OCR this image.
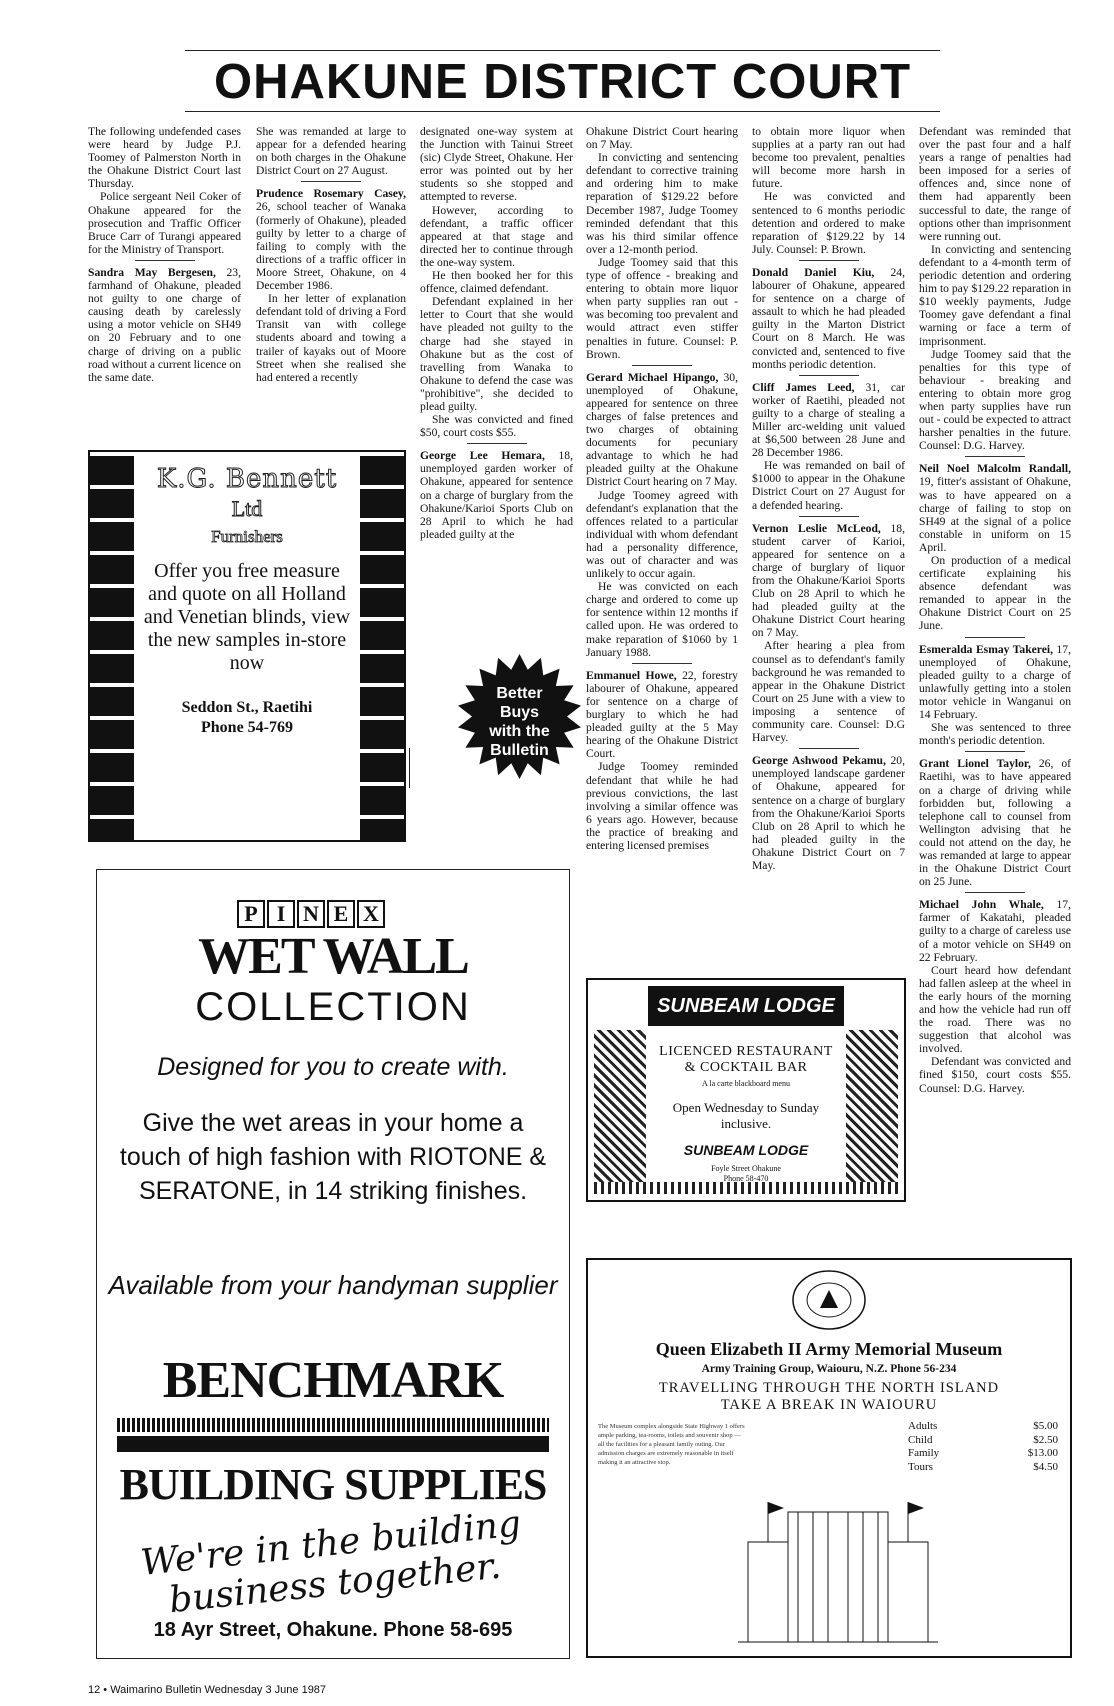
OHAKUNE DISTRICT COURT

The following undefended cases were heard by Judge P.J. Toomey of Palmerston North in the Ohakune District Court last Thursday.

Police sergeant Neil Coker of Ohakune appeared for the prosecution and Traffic Officer Bruce Carr of Turangi appeared for the Ministry of Transport.

Sandra May Bergesen, 23, farmhand of Ohakune, pleaded not guilty to one charge of causing death by carelessly using a motor vehicle on SH49 on 20 February and to one charge of driving on a public road without a current licence on the same date.

She was remanded at large to appear for a defended hearing on both charges in the Ohakune District Court on 27 August.

Prudence Rosemary Casey, 26, school teacher of Wanaka (formerly of Ohakune), pleaded guilty by letter to a charge of failing to comply with the directions of a traffic officer in Moore Street, Ohakune, on 4 December 1986.

In her letter of explanation defendant told of driving a Ford Transit van with college students aboard and towing a trailer of kayaks out of Moore Street when she realised she had entered a recently

designated one-way system at the Junction with Tainui Street (sic) Clyde Street, Ohakune. Her error was pointed out by her students so she stopped and attempted to reverse.

However, according to defendant, a traffic officer appeared at that stage and directed her to continue through the one-way system.

He then booked her for this offence, claimed defendant.

Defendant explained in her letter to Court that she would have pleaded not guilty to the charge had she stayed in Ohakune but as the cost of travelling from Wanaka to Ohakune to defend the case was "prohibitive", she decided to plead guilty.

She was convicted and fined $50, court costs $55.

George Lee Hemara, 18, unemployed garden worker of Ohakune, appeared for sentence on a charge of burglary from the Ohakune/Karioi Sports Club on 28 April to which he had pleaded guilty at the

Ohakune District Court hearing on 7 May.

In convicting and sentencing defendant to corrective training and ordering him to make reparation of $129.22 before December 1987, Judge Toomey reminded defendant that this was his third similar offence over a 12-month period.

Judge Toomey said that this type of offence - breaking and entering to obtain more liquor when party supplies ran out - was becoming too prevalent and would attract even stiffer penalties in future. Counsel: P. Brown.

Gerard Michael Hipango, 30, unemployed of Ohakune, appeared for sentence on three charges of false pretences and two charges of obtaining documents for pecuniary advantage to which he had pleaded guilty at the Ohakune District Court hearing on 7 May.

Judge Toomey agreed with defendant's explanation that the offences related to a particular individual with whom defendant had a personality difference, was out of character and was unlikely to occur again.

He was convicted on each charge and ordered to come up for sentence within 12 months if called upon. He was ordered to make reparation of $1060 by 1 January 1988.

Emmanuel Howe, 22, forestry labourer of Ohakune, appeared for sentence on a charge of burglary to which he had pleaded guilty at the 5 May hearing of the Ohakune District Court.

Judge Toomey reminded defendant that while he had previous convictions, the last involving a similar offence was 6 years ago. However, because the practice of breaking and entering licensed premises

to obtain more liquor when supplies at a party ran out had become too prevalent, penalties will become more harsh in future.

He was convicted and sentenced to 6 months periodic detention and ordered to make reparation of $129.22 by 14 July. Counsel: P. Brown.

Donald Daniel Kiu, 24, labourer of Ohakune, appeared for sentence on a charge of assault to which he had pleaded guilty in the Marton District Court on 8 March. He was convicted and, sentenced to five months periodic detention.

Cliff James Leed, 31, car worker of Raetihi, pleaded not guilty to a charge of stealing a Miller arc-welding unit valued at $6,500 between 28 June and 28 December 1986.

He was remanded on bail of $1000 to appear in the Ohakune District Court on 27 August for a defended hearing.

Vernon Leslie McLeod, 18, student carver of Karioi, appeared for sentence on a charge of burglary of liquor from the Ohakune/Karioi Sports Club on 28 April to which he had pleaded guilty at the Ohakune District Court hearing on 7 May.

After hearing a plea from counsel as to defendant's family background he was remanded to appear in the Ohakune District Court on 25 June with a view to imposing a sentence of community care. Counsel: D.G Harvey.

George Ashwood Pekamu, 20, unemployed landscape gardener of Ohakune, appeared for sentence on a charge of burglary from the Ohakune/Karioi Sports Club on 28 April to which he had pleaded guilty in the Ohakune District Court on 7 May.

Defendant was reminded that over the past four and a half years a range of penalties had been imposed for a series of offences and, since none of them had apparently been successful to date, the range of options other than imprisonment were running out.

In convicting and sentencing defendant to a 4-month term of periodic detention and ordering him to pay $129.22 reparation in $10 weekly payments, Judge Toomey gave defendant a final warning or face a term of imprisonment.

Judge Toomey said that the penalties for this type of behaviour - breaking and entering to obtain more grog when party supplies have run out - could be expected to attract harsher penalties in the future. Counsel: D.G. Harvey.

Neil Noel Malcolm Randall, 19, fitter's assistant of Ohakune, was to have appeared on a charge of failing to stop on SH49 at the signal of a police constable in uniform on 15 April.

On production of a medical certificate explaining his absence defendant was remanded to appear in the Ohakune District Court on 25 June.

Esmeralda Esmay Takerei, 17, unemployed of Ohakune, pleaded guilty to a charge of unlawfully getting into a stolen motor vehicle in Wanganui on 14 February.

She was sentenced to three month's periodic detention.

Grant Lionel Taylor, 26, of Raetihi, was to have appeared on a charge of driving while forbidden but, following a telephone call to counsel from Wellington advising that he could not attend on the day, he was remanded at large to appear in the Ohakune District Court on 25 June.

Michael John Whale, 17, farmer of Kakatahi, pleaded guilty to a charge of careless use of a motor vehicle on SH49 on 22 February.

Court heard how defendant had fallen asleep at the wheel in the early hours of the morning and how the vehicle had run off the road. There was no suggestion that alcohol was involved.

Defendant was convicted and fined $150, court costs $55. Counsel: D.G. Harvey.

K.G. Bennett
Ltd
Furnishers
Offer you free measure and quote on all Holland and Venetian blinds, view the new samples in-store now
Seddon St., Raetihi
Phone 54-769
Better
Buys
with the
Bulletin
P I N E X
WET WALL
COLLECTION
Designed for you to create with.
Give the wet areas in your home a touch of high fashion with RIOTONE & SERATONE, in 14 striking finishes.
Available from your handyman supplier
BENCHMARK
BUILDING SUPPLIES
We're in the building business together.
18 Ayr Street, Ohakune. Phone 58-695
SUNBEAM LODGE
LICENCED RESTAURANT & COCKTAIL BAR
A la carte blackboard menu
Open Wednesday to Sunday inclusive.
SUNBEAM LODGE
Foyle Street Ohakune
Phone 58-470
Queen Elizabeth II Army Memorial Museum
Army Training Group, Waiouru, N.Z. Phone 56-234
TRAVELLING THROUGH THE NORTH ISLAND
TAKE A BREAK IN WAIOURU
The Museum complex alongside State Highway 1 offers ample parking, tea-rooms, toilets and souvenir shop — all the facilities for a pleasant family outing. Our admission charges are extremely reasonable in itself making it an attractive stop.
Adults	$5.00
Child	$2.50
Family	$13.00
Tours	$4.50
12 • Waimarino Bulletin Wednesday 3 June 1987
